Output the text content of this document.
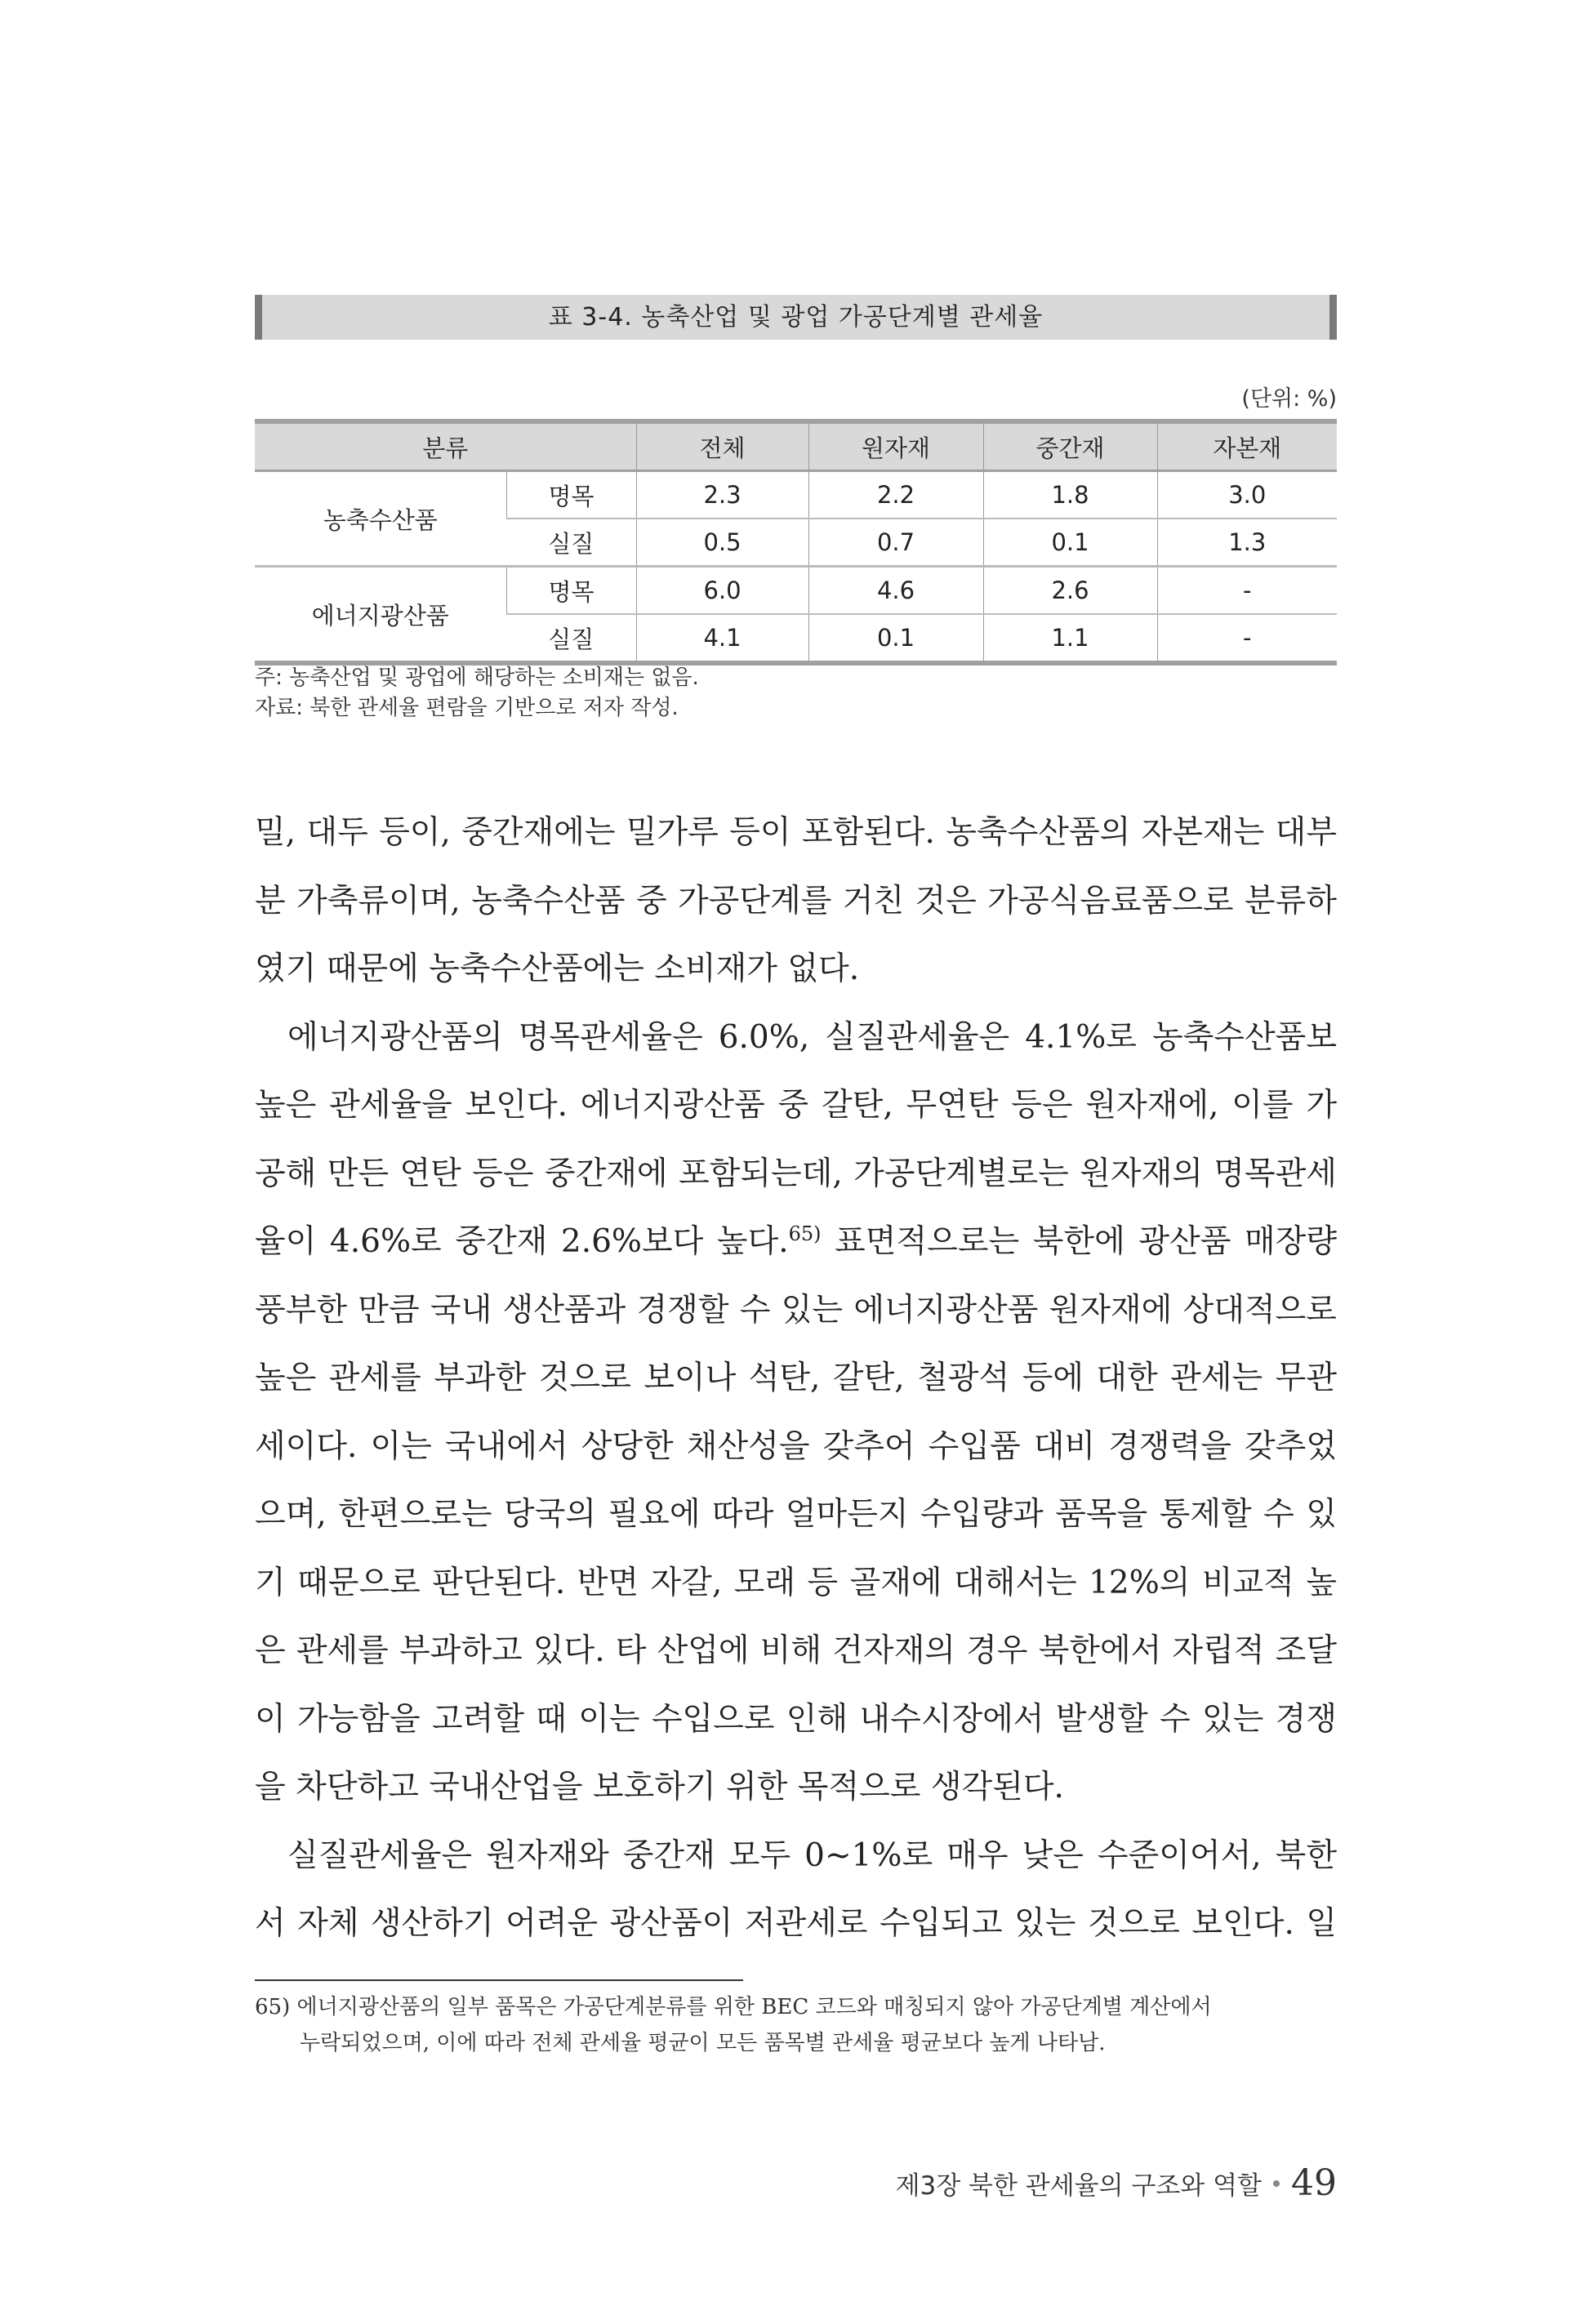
표 3-4. 농축산업 및 광업 가공단계별 관세율
(단위: %)
분류		전체	원자재	중간재	자본재
농축수산품	명목	2.3	2.2	1.8	3.0
	실질	0.5	0.7	0.1	1.3
에너지광산품	명목	6.0	4.6	2.6	-
	실질	4.1	0.1	1.1	-
주: 농축산업 및 광업에 해당하는 소비재는 없음.
자료: 북한 관세율 편람을 기반으로 저자 작성.
밀, 대두 등이, 중간재에는 밀가루 등이 포함된다. 농축수산품의 자본재는 대부
분 가축류이며, 농축수산품 중 가공단계를 거친 것은 가공식음료품으로 분류하
였기 때문에 농축수산품에는 소비재가 없다.
에너지광산품의 명목관세율은 6.0%, 실질관세율은 4.1%로 농축수산품보
높은 관세율을 보인다. 에너지광산품 중 갈탄, 무연탄 등은 원자재에, 이를 가
공해 만든 연탄 등은 중간재에 포함되는데, 가공단계별로는 원자재의 명목관세
율이 4.6%로 중간재 2.6%보다 높다.$^{65)}$ 표면적으로는 북한에 광산품 매장량
풍부한 만큼 국내 생산품과 경쟁할 수 있는 에너지광산품 원자재에 상대적으로
높은 관세를 부과한 것으로 보이나 석탄, 갈탄, 철광석 등에 대한 관세는 무관
세이다. 이는 국내에서 상당한 채산성을 갖추어 수입품 대비 경쟁력을 갖추었
으며, 한편으로는 당국의 필요에 따라 얼마든지 수입량과 품목을 통제할 수 있
기 때문으로 판단된다. 반면 자갈, 모래 등 골재에 대해서는 12%의 비교적 높
은 관세를 부과하고 있다. 타 산업에 비해 건자재의 경우 북한에서 자립적 조달
이 가능함을 고려할 때 이는 수입으로 인해 내수시장에서 발생할 수 있는 경쟁
을 차단하고 국내산업을 보호하기 위한 목적으로 생각된다.
실질관세율은 원자재와 중간재 모두 0~1%로 매우 낮은 수준이어서, 북한
서 자체 생산하기 어려운 광산품이 저관세로 수입되고 있는 것으로 보인다. 일
65) 에너지광산품의 일부 품목은 가공단계분류를 위한 BEC 코드와 매칭되지 않아 가공단계별 계산에서
누락되었으며, 이에 따라 전체 관세율 평균이 모든 품목별 관세율 평균보다 높게 나타남.
제3장 북한 관세율의 구조와 역할 49
